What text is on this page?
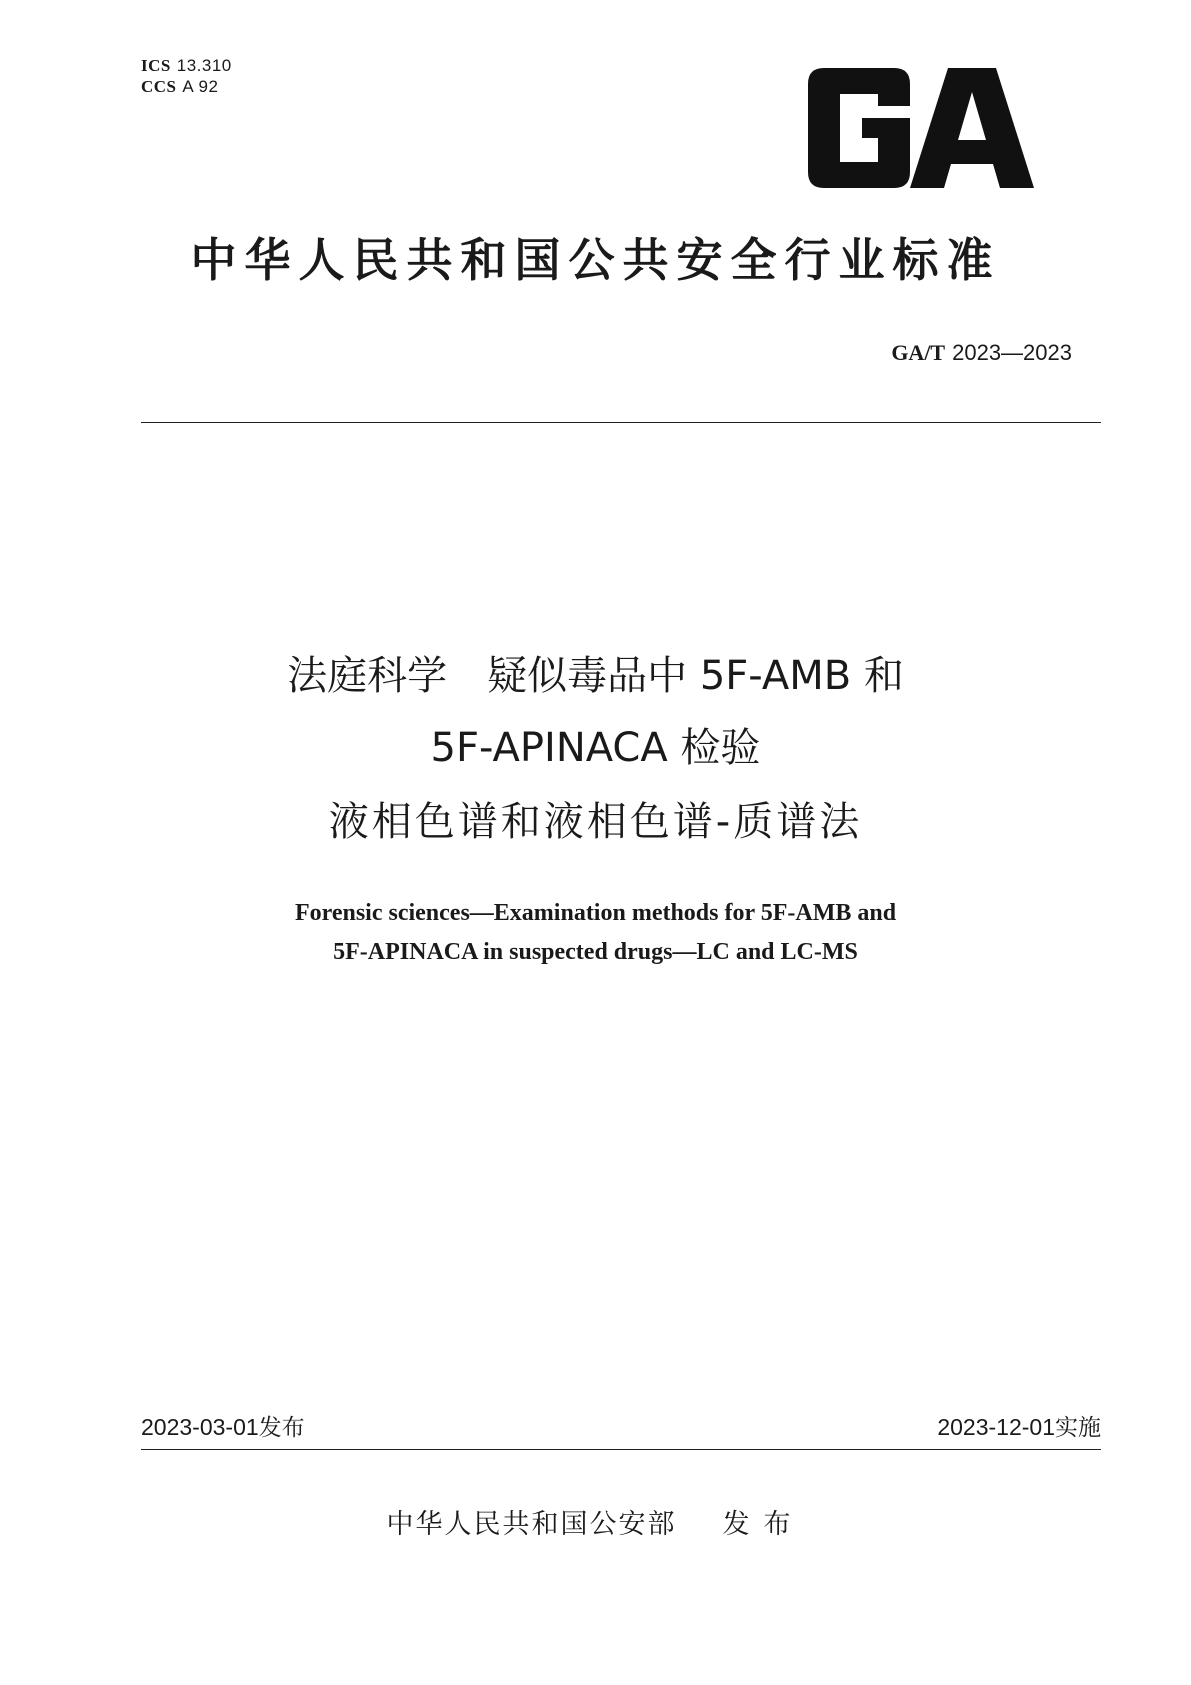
ICS 13.310
CCS A 92
中华人民共和国公共安全行业标准
GA/T 2023—2023
法庭科学　疑似毒品中 5F-AMB 和
5F-APINACA 检验
液相色谱和液相色谱-质谱法
Forensic sciences—Examination methods for 5F-AMB and
5F-APINACA in suspected drugs—LC and LC-MS
2023-03-01发布	2023-12-01实施
中华人民共和国公安部 发布
